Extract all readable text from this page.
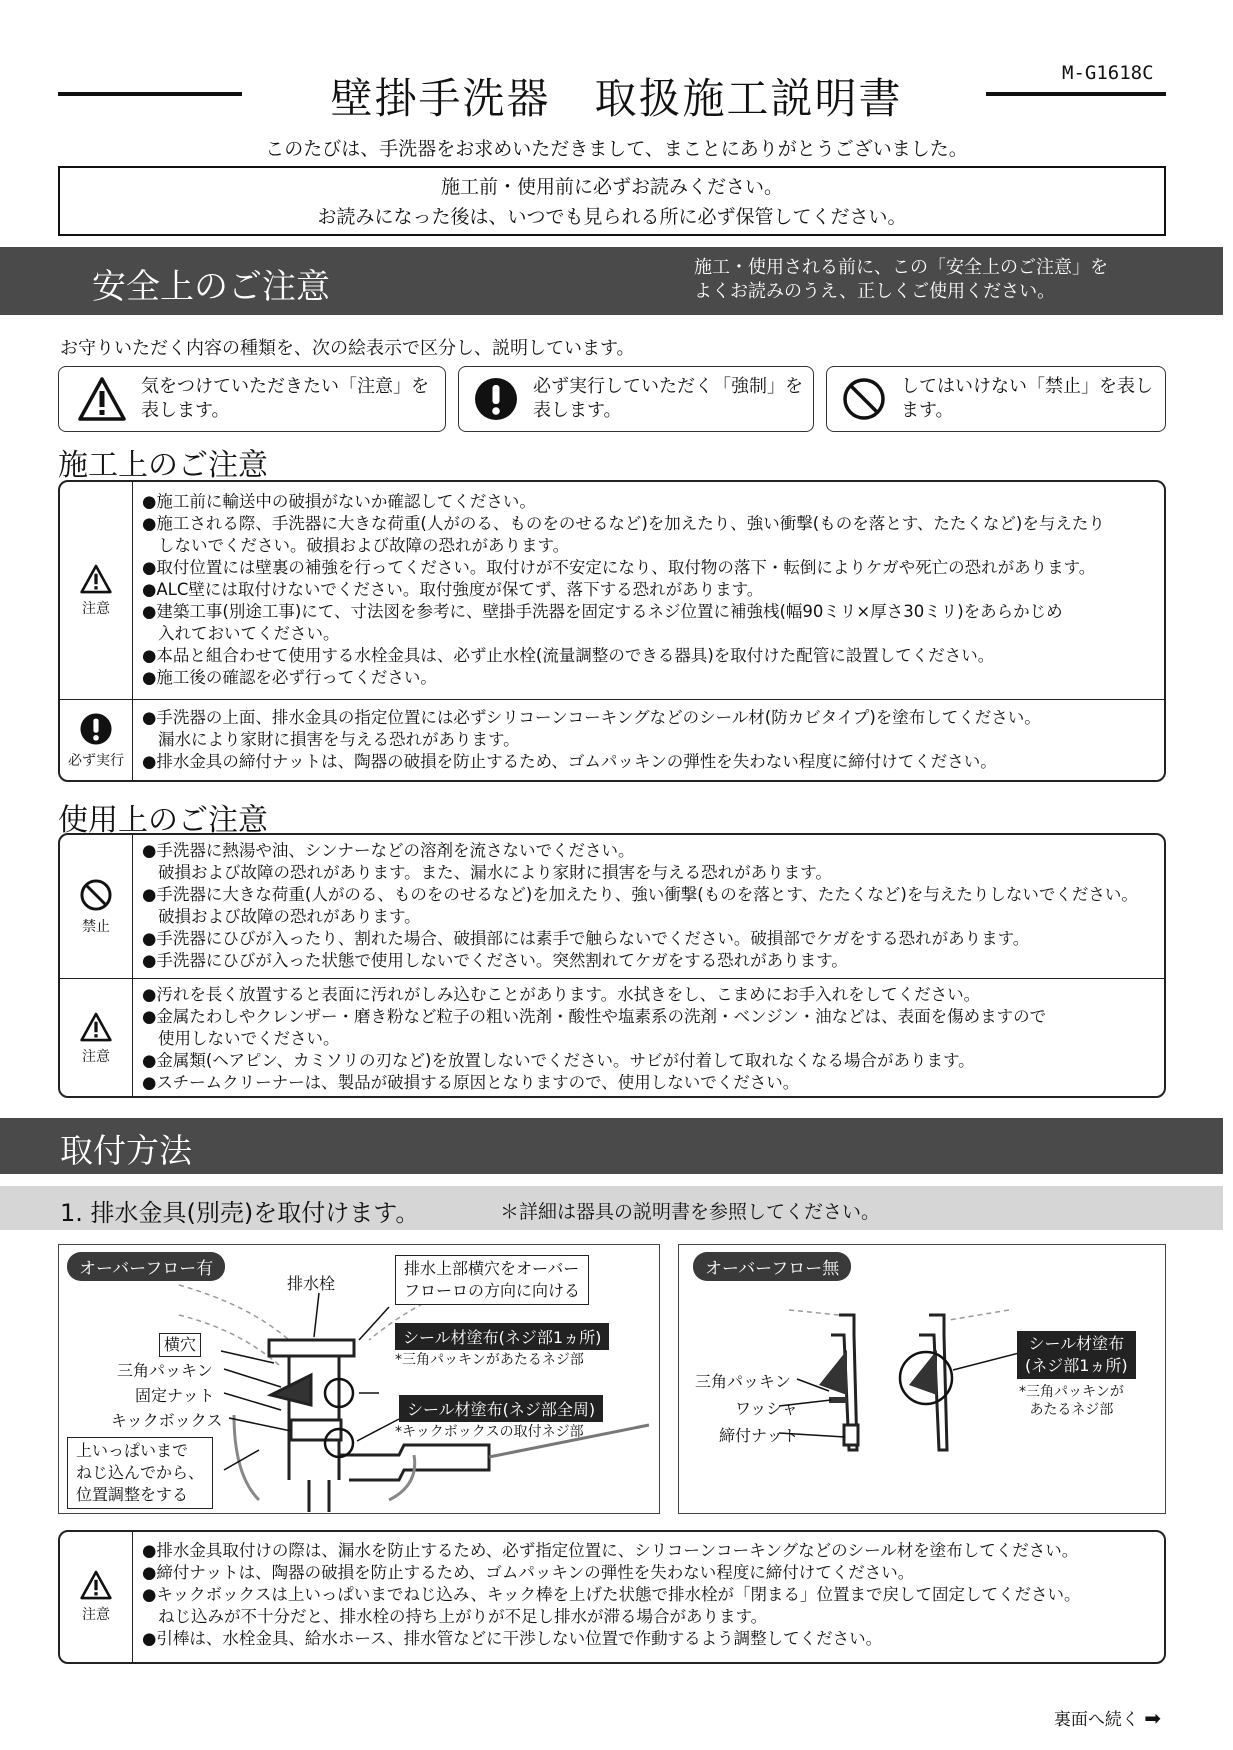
壁掛手洗器　取扱施工説明書
M-G1618C
このたびは、手洗器をお求めいただきまして、まことにありがとうございました。
施工前・使用前に必ずお読みください。
お読みになった後は、いつでも見られる所に必ず保管してください。
安全上のご注意	施工・使用される前に、この「安全上のご注意」を
よくお読みのうえ、正しくご使用ください。
お守りいただく内容の種類を、次の絵表示で区分し、説明しています。
気をつけていただきたい「注意」を
表します。
必ず実行していただく「強制」を
表します。
してはいけない「禁止」を表し
ます。
施工上のご注意
注意

●施工前に輸送中の破損がないか確認してください。

●施工される際、手洗器に大きな荷重(人がのる、ものをのせるなど)を加えたり、強い衝撃(ものを落とす、たたくなど)を与えたり

しないでください。破損および故障の恐れがあります。

●取付位置には壁裏の補強を行ってください。取付けが不安定になり、取付物の落下・転倒によりケガや死亡の恐れがあります。

●ALC壁には取付けないでください。取付強度が保てず、落下する恐れがあります。

●建築工事(別途工事)にて、寸法図を参考に、壁掛手洗器を固定するネジ位置に補強桟(幅90ミリ×厚さ30ミリ)をあらかじめ

入れておいてください。

●本品と組合わせて使用する水栓金具は、必ず止水栓(流量調整のできる器具)を取付けた配管に設置してください。

●施工後の確認を必ず行ってください。

必ず実行

●手洗器の上面、排水金具の指定位置には必ずシリコーンコーキングなどのシール材(防カビタイプ)を塗布してください。

漏水により家財に損害を与える恐れがあります。

●排水金具の締付ナットは、陶器の破損を防止するため、ゴムパッキンの弾性を失わない程度に締付けてください。

使用上のご注意
禁止

●手洗器に熱湯や油、シンナーなどの溶剤を流さないでください。

破損および故障の恐れがあります。また、漏水により家財に損害を与える恐れがあります。

●手洗器に大きな荷重(人がのる、ものをのせるなど)を加えたり、強い衝撃(ものを落とす、たたくなど)を与えたりしないでください。

破損および故障の恐れがあります。

●手洗器にひびが入ったり、割れた場合、破損部には素手で触らないでください。破損部でケガをする恐れがあります。

●手洗器にひびが入った状態で使用しないでください。突然割れてケガをする恐れがあります。

注意

●汚れを長く放置すると表面に汚れがしみ込むことがあります。水拭きをし、こまめにお手入れをしてください。

●金属たわしやクレンザー・磨き粉など粒子の粗い洗剤・酸性や塩素系の洗剤・ベンジン・油などは、表面を傷めますので

使用しないでください。

●金属類(ヘアピン、カミソリの刃など)を放置しないでください。サビが付着して取れなくなる場合があります。

●スチームクリーナーは、製品が破損する原因となりますので、使用しないでください。

取付方法
1. 排水金具(別売)を取付けます。	＊詳細は器具の説明書を参照してください。
オーバーフロー有
排水栓
排水上部横穴をオーバー
フローロの方向に向ける
横穴
三角パッキン
固定ナット
キックボックス
シール材塗布(ネジ部1ヵ所)
*三角パッキンがあたるネジ部
シール材塗布(ネジ部全周)
*キックボックスの取付ネジ部
上いっぱいまで
ねじ込んでから、
位置調整をする
オーバーフロー無
三角パッキン
ワッシャ
締付ナット
シール材塗布
(ネジ部1ヵ所)
*三角パッキンが
あたるネジ部
注意

●排水金具取付けの際は、漏水を防止するため、必ず指定位置に、シリコーンコーキングなどのシール材を塗布してください。

●締付ナットは、陶器の破損を防止するため、ゴムパッキンの弾性を失わない程度に締付けてください。

●キックボックスは上いっぱいまでねじ込み、キック棒を上げた状態で排水栓が「閉まる」位置まで戻して固定してください。

ねじ込みが不十分だと、排水栓の持ち上がりが不足し排水が滞る場合があります。

●引棒は、水栓金具、給水ホース、排水管などに干渉しない位置で作動するよう調整してください。

裏面へ続く ➡
